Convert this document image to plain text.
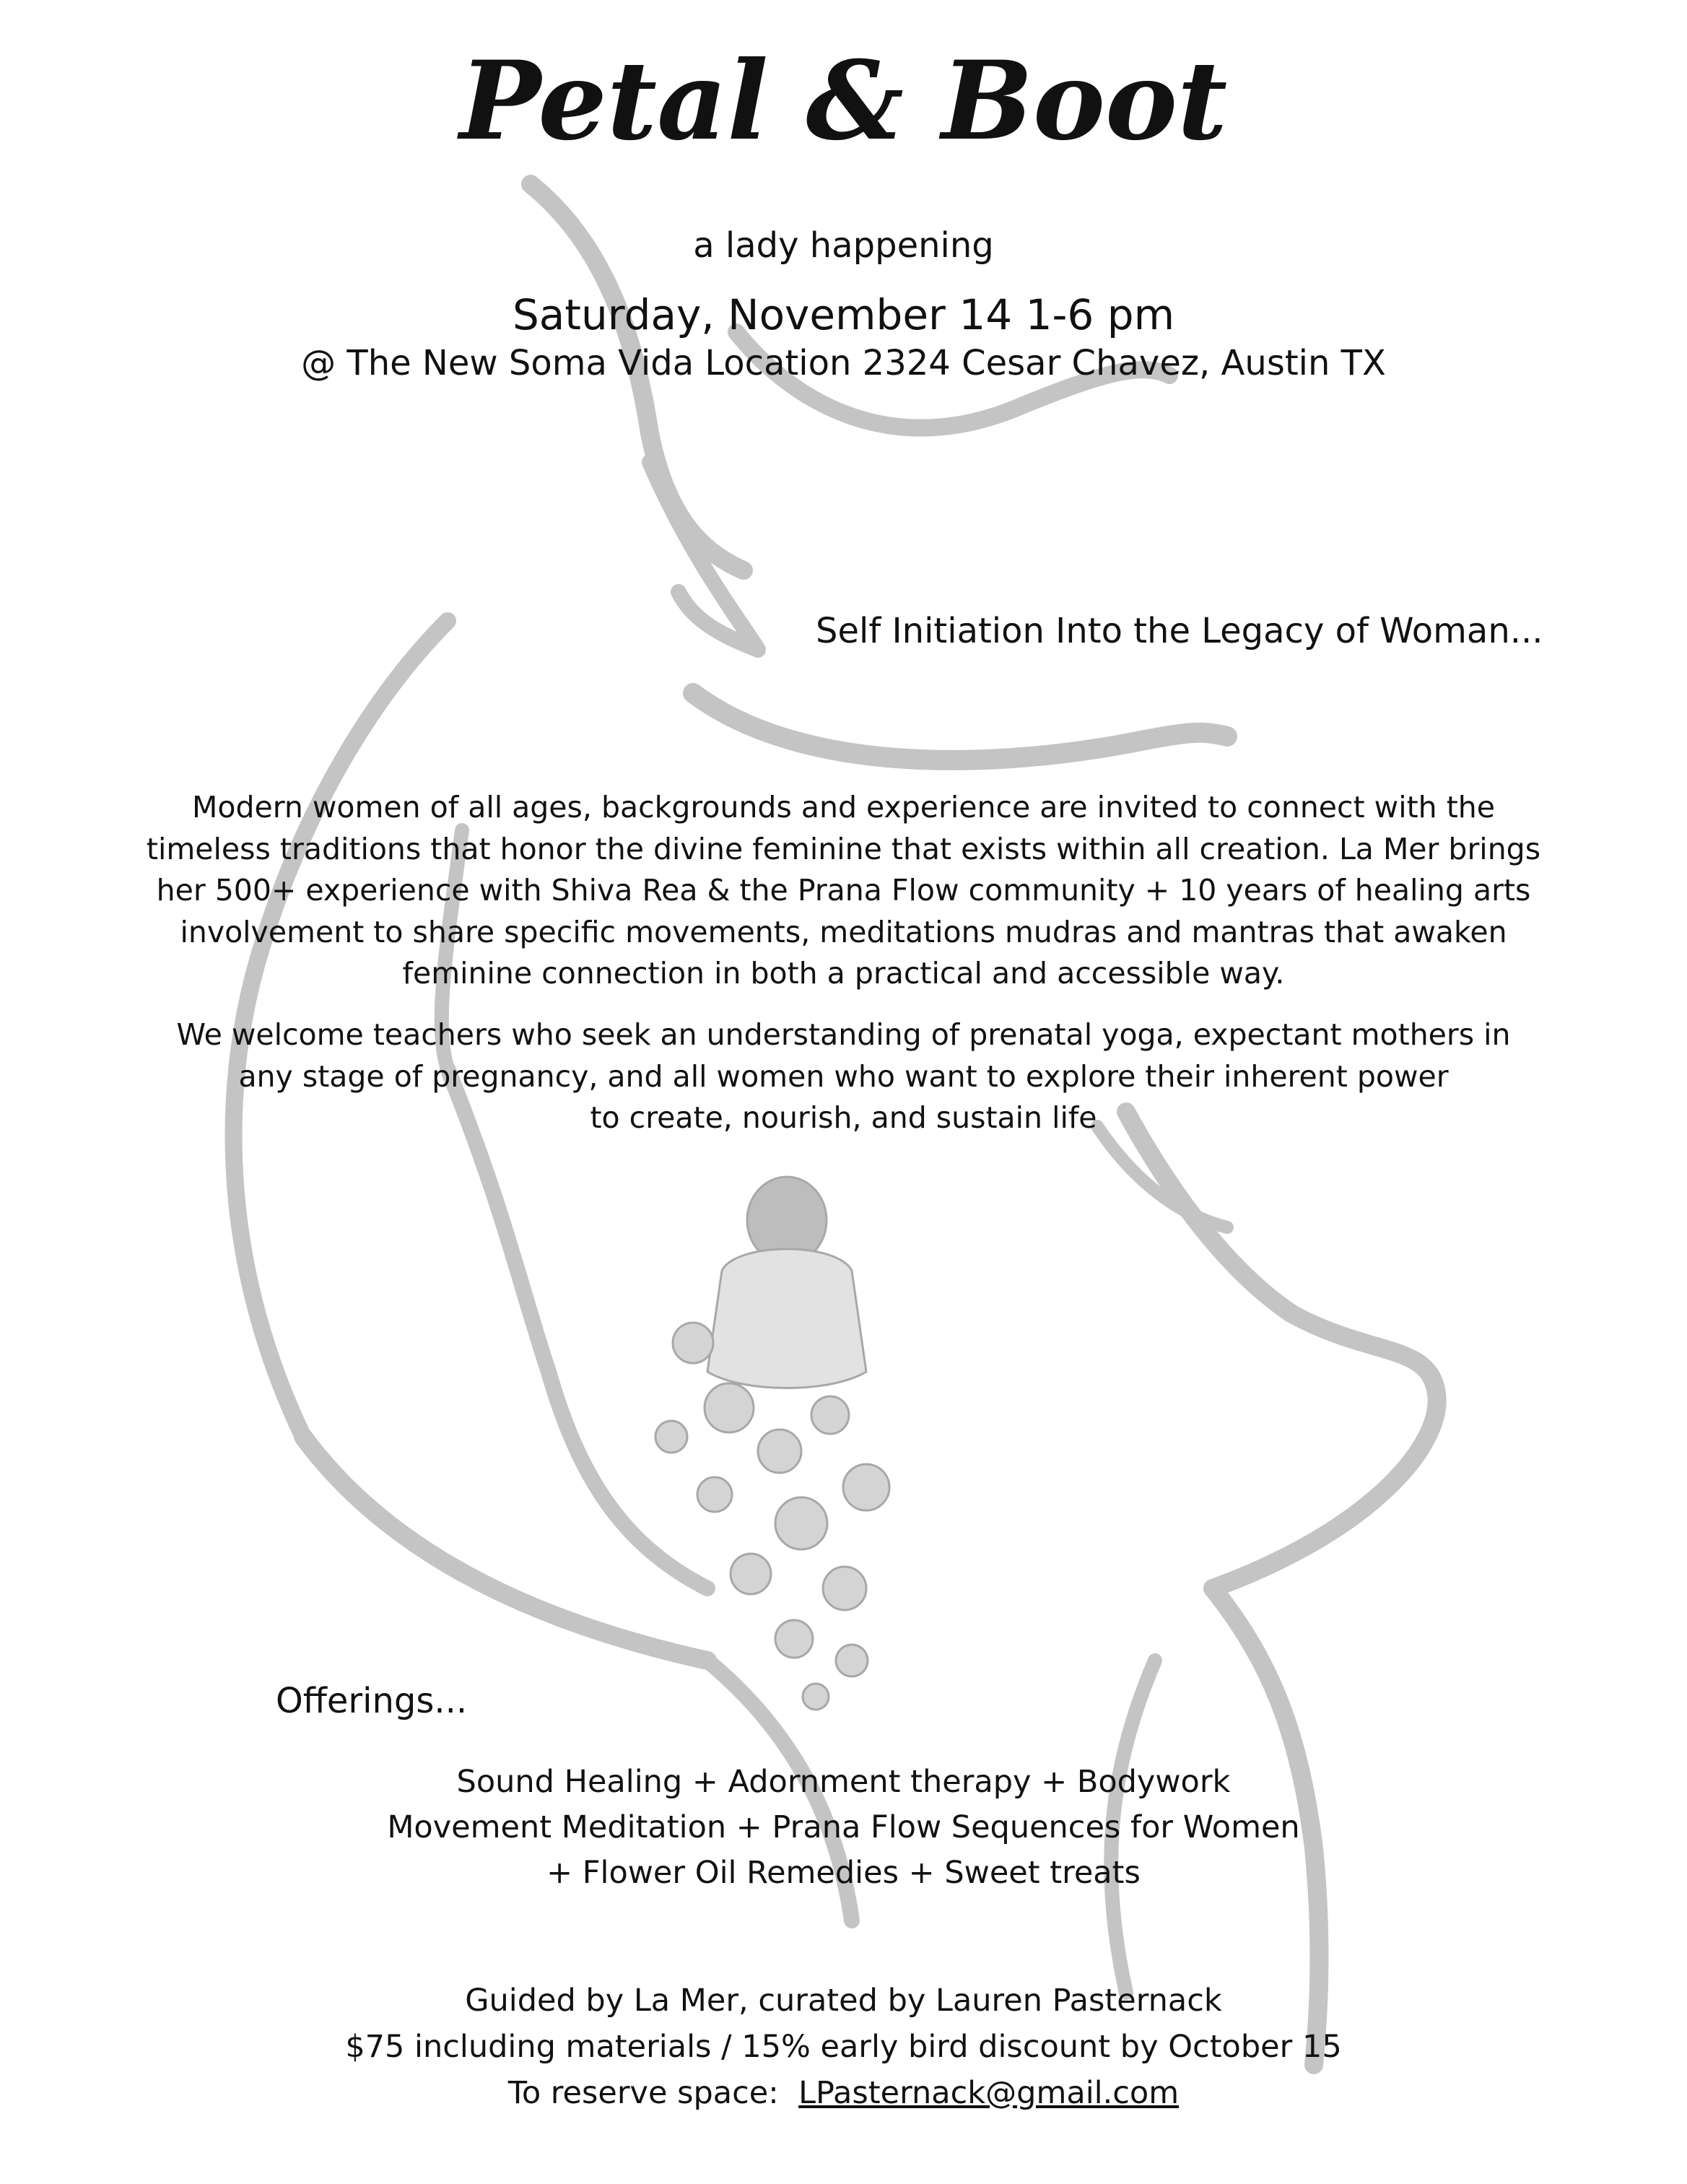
Petal & Boot

a lady happening

Saturday, November 14 1-6 pm

@ The New Soma Vida Location 2324 Cesar Chavez, Austin TX

Self Initiation Into the Legacy of Woman...

Modern women of all ages, backgrounds and experience are invited to connect with the
timeless traditions that honor the divine feminine that exists within all creation. La Mer brings
her 500+ experience with Shiva Rea & the Prana Flow community + 10 years of healing arts
involvement to share specific movements, meditations mudras and mantras that awaken
feminine connection in both a practical and accessible way.

We welcome teachers who seek an understanding of prenatal yoga, expectant mothers in
any stage of pregnancy, and all women who want to explore their inherent power
to create, nourish, and sustain life

Offerings...

Sound Healing + Adornment therapy + Bodywork
Movement Meditation + Prana Flow Sequences for Women
+ Flower Oil Remedies + Sweet treats

Guided by La Mer, curated by Lauren Pasternack
$75 including materials / 15% early bird discount by October 15
To reserve space:  LPasternack@gmail.com
